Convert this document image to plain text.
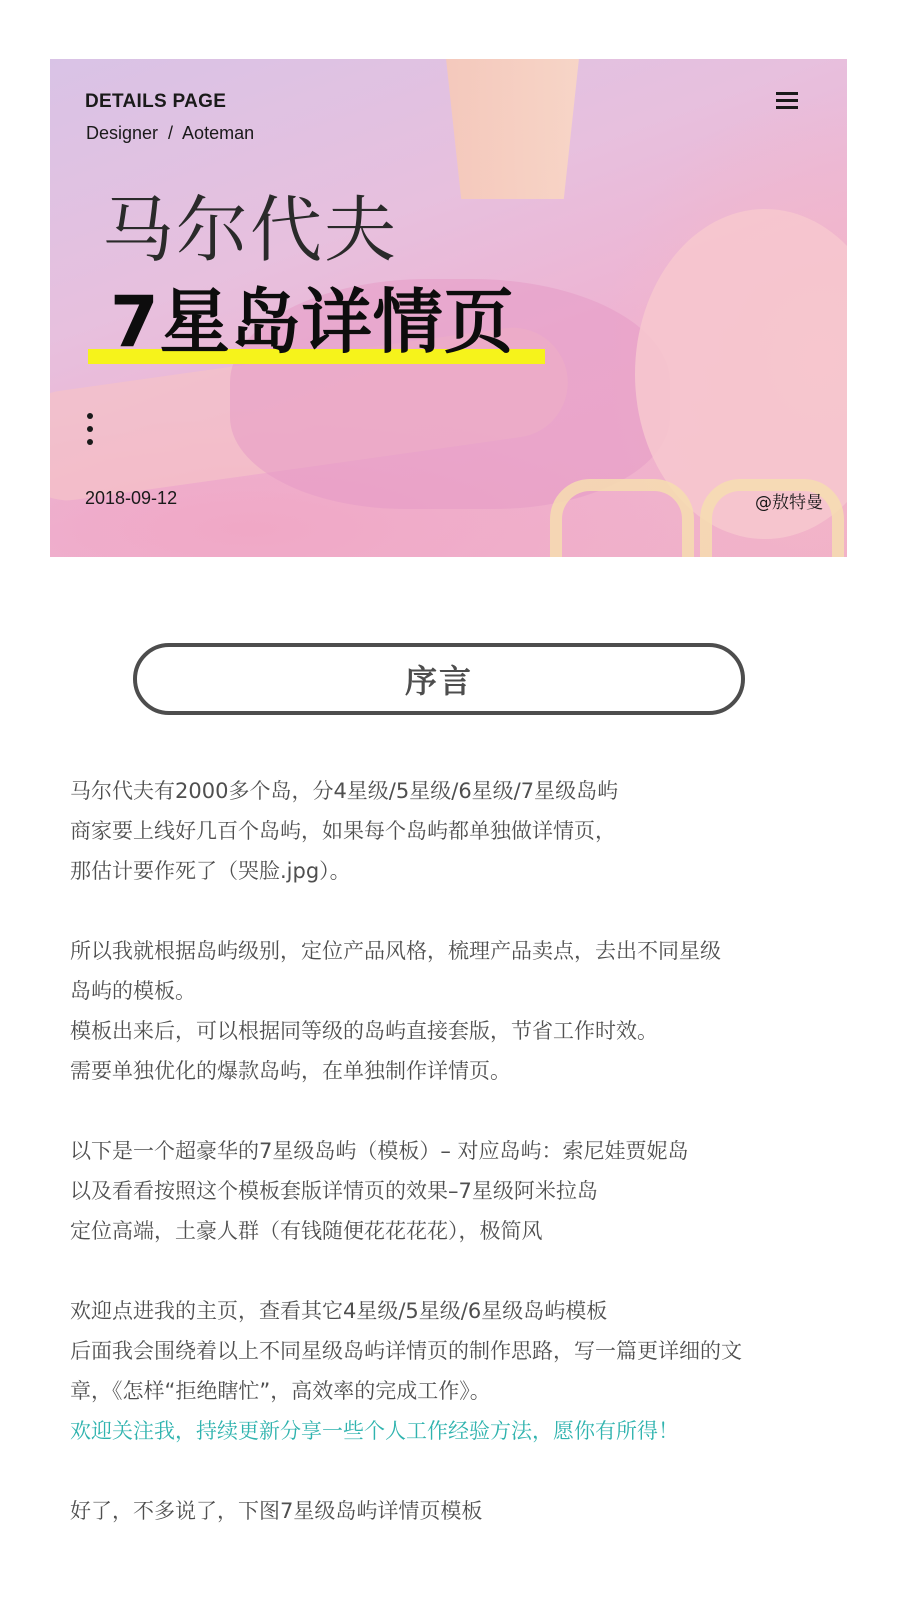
DETAILS PAGE
Designer  /  Aoteman
马尔代夫
7星岛详情页
2018-09-12	@敖特曼
序言
马尔代夫有2000多个岛，分4星级/5星级/6星级/7星级岛屿
商家要上线好几百个岛屿，如果每个岛屿都单独做详情页，
那估计要作死了（哭脸.jpg）。
所以我就根据岛屿级别，定位产品风格，梳理产品卖点，去出不同星级
岛屿的模板。
模板出来后，可以根据同等级的岛屿直接套版，节省工作时效。
需要单独优化的爆款岛屿，在单独制作详情页。
以下是一个超豪华的7星级岛屿（模板）– 对应岛屿：索尼娃贾妮岛
以及看看按照这个模板套版详情页的效果–7星级阿米拉岛
定位高端，土豪人群（有钱随便花花花花），极简风
欢迎点进我的主页，查看其它4星级/5星级/6星级岛屿模板
后面我会围绕着以上不同星级岛屿详情页的制作思路，写一篇更详细的文
章，《怎样“拒绝瞎忙”，高效率的完成工作》。
欢迎关注我，持续更新分享一些个人工作经验方法，愿你有所得！
好了，不多说了，下图7星级岛屿详情页模板
